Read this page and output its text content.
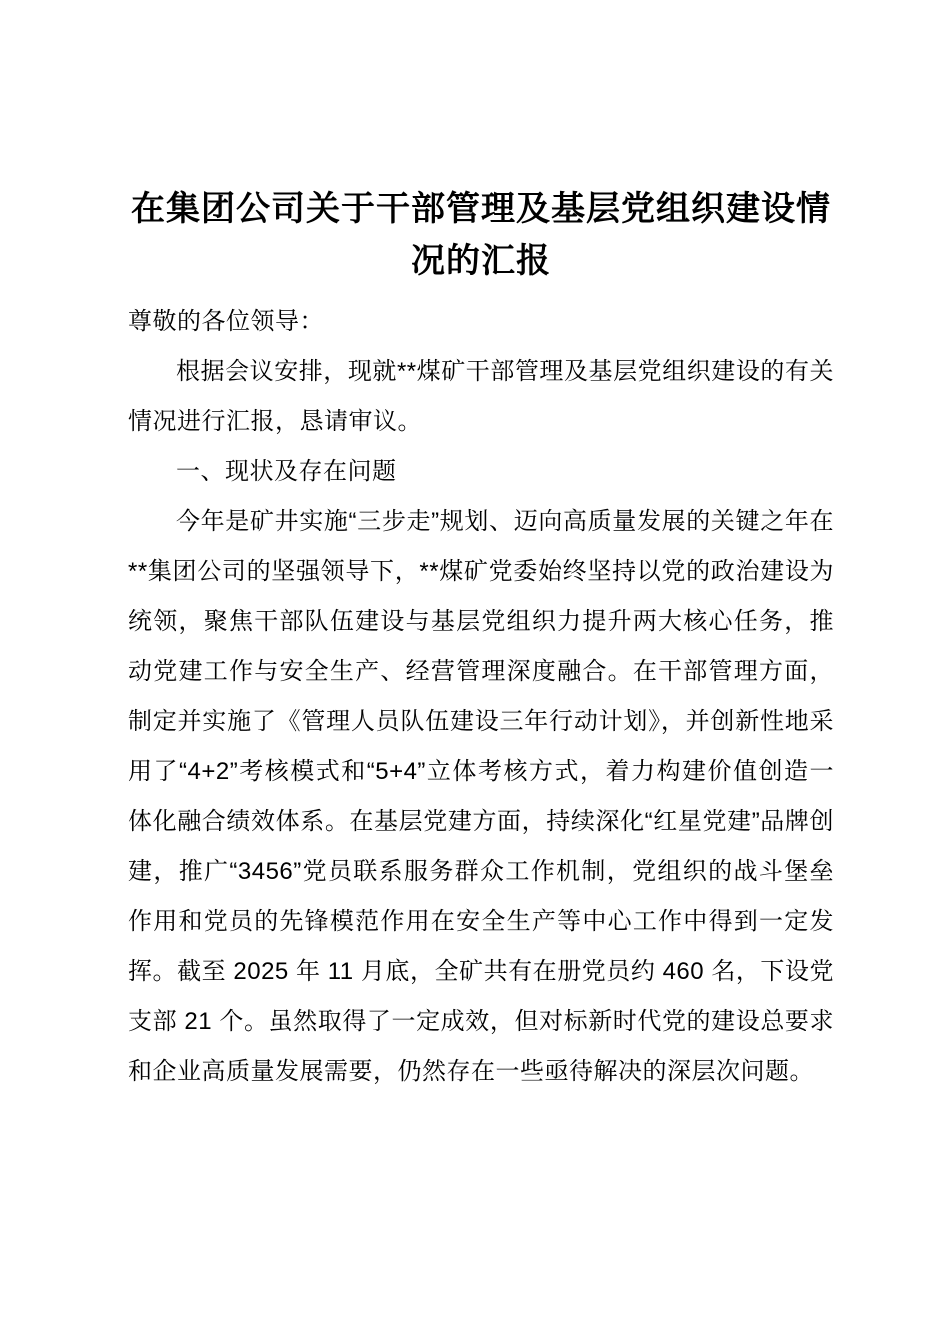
在集团公司关于干部管理及基层党组织建设情况的汇报

尊敬的各位领导：

根据会议安排，现就**煤矿干部管理及基层党组织建设的有关情况进行汇报，恳请审议。

一、现状及存在问题

今年是矿井实施“三步走”规划、迈向高质量发展的关键之年在**集团公司的坚强领导下，**煤矿党委始终坚持以党的政治建设为统领，聚焦干部队伍建设与基层党组织力提升两大核心任务，推动党建工作与安全生产、经营管理深度融合。在干部管理方面，制定并实施了《管理人员队伍建设三年行动计划》，并创新性地采用了“4+2”考核模式和“5+4”立体考核方式，着力构建价值创造一体化融合绩效体系。在基层党建方面，持续深化“红星党建”品牌创建，推广“3456”党员联系服务群众工作机制，党组织的战斗堡垒作用和党员的先锋模范作用在安全生产等中心工作中得到一定发挥。截至 2025 年 11 月底，全矿共有在册党员约 460 名，下设党支部 21 个。虽然取得了一定成效，但对标新时代党的建设总要求和企业高质量发展需要，仍然存在一些亟待解决的深层次问题。
